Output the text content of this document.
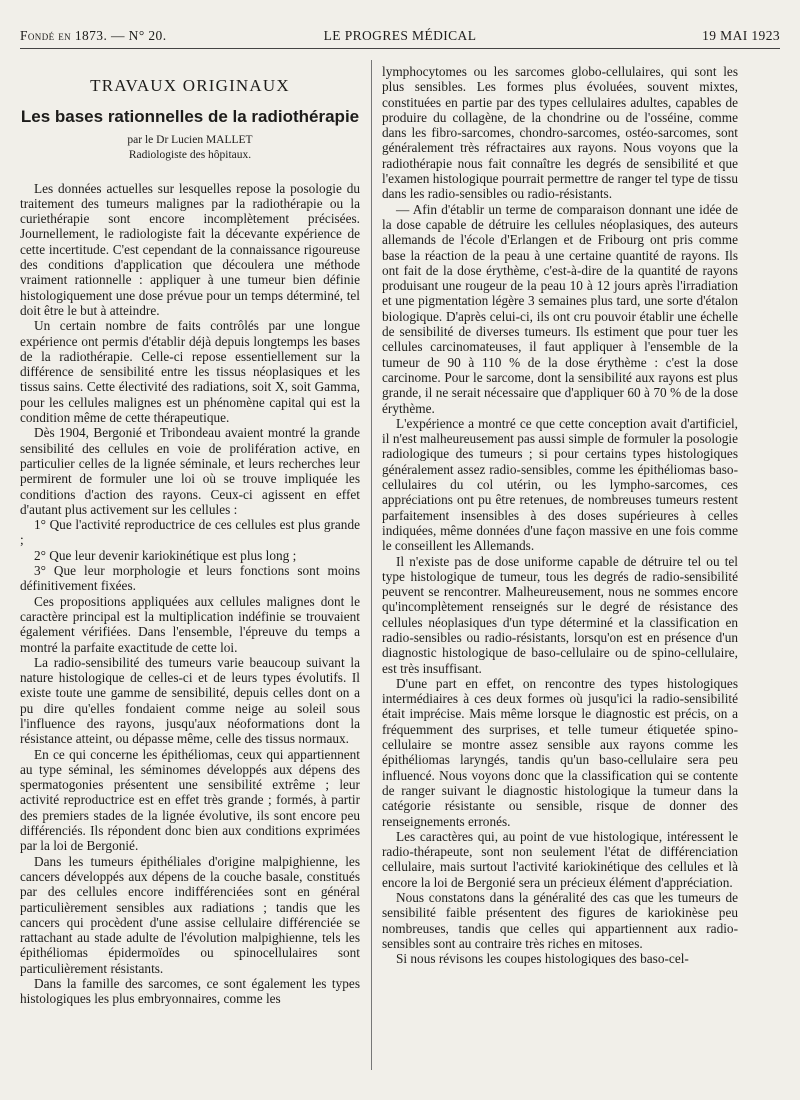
Fondé en 1873. — N° 20.	LE PROGRES MÉDICAL	19 MAI 1923
TRAVAUX ORIGINAUX
Les bases rationnelles de la radiothérapie
par le Dr Lucien MALLET
Radiologiste des hôpitaux.

Les données actuelles sur lesquelles repose la posologie du traitement des tumeurs malignes par la radiothérapie ou la curiethérapie sont encore incomplètement précisées. Journellement, le radiologiste fait la décevante expérience de cette incertitude. C'est cependant de la connaissance rigoureuse des conditions d'application que découlera une méthode vraiment rationnelle : appliquer à une tumeur bien définie histologiquement une dose prévue pour un temps déterminé, tel doit être le but à atteindre.

Un certain nombre de faits contrôlés par une longue expérience ont permis d'établir déjà depuis longtemps les bases de la radiothérapie. Celle-ci repose essentiellement sur la différence de sensibilité entre les tissus néoplasiques et les tissus sains. Cette électivité des radiations, soit X, soit Gamma, pour les cellules malignes est un phénomène capital qui est la condition même de cette thérapeutique.

Dès 1904, Bergonié et Tribondeau avaient montré la grande sensibilité des cellules en voie de prolifération active, en particulier celles de la lignée séminale, et leurs recherches leur permirent de formuler une loi où se trouve impliquée les conditions d'action des rayons. Ceux-ci agissent en effet d'autant plus activement sur les cellules :

1° Que l'activité reproductrice de ces cellules est plus grande ;

2° Que leur devenir kariokinétique est plus long ;

3° Que leur morphologie et leurs fonctions sont moins définitivement fixées.

Ces propositions appliquées aux cellules malignes dont le caractère principal est la multiplication indéfinie se trouvaient également vérifiées. Dans l'ensemble, l'épreuve du temps a montré la parfaite exactitude de cette loi.

La radio-sensibilité des tumeurs varie beaucoup suivant la nature histologique de celles-ci et de leurs types évolutifs. Il existe toute une gamme de sensibilité, depuis celles dont on a pu dire qu'elles fondaient comme neige au soleil sous l'influence des rayons, jusqu'aux néoformations dont la résistance atteint, ou dépasse même, celle des tissus normaux.

En ce qui concerne les épithéliomas, ceux qui appartiennent au type séminal, les séminomes développés aux dépens des spermatogonies présentent une sensibilité extrême ; leur activité reproductrice est en effet très grande ; formés, à partir des premiers stades de la lignée évolutive, ils sont encore peu différenciés. Ils répondent donc bien aux conditions exprimées par la loi de Bergonié.

Dans les tumeurs épithéliales d'origine malpighienne, les cancers développés aux dépens de la couche basale, constitués par des cellules encore indifférenciées sont en général particulièrement sensibles aux radiations ; tandis que les cancers qui procèdent d'une assise cellulaire différenciée se rattachant au stade adulte de l'évolution malpighienne, tels les épithéliomas épidermoïdes ou spinocellulaires sont particulièrement résistants.

Dans la famille des sarcomes, ce sont également les types histologiques les plus embryonnaires, comme les

lymphocytomes ou les sarcomes globo-cellulaires, qui sont les plus sensibles. Les formes plus évoluées, souvent mixtes, constituées en partie par des types cellulaires adultes, capables de produire du collagène, de la chondrine ou de l'osséine, comme dans les fibro-sarcomes, chondro-sarcomes, ostéo-sarcomes, sont généralement très réfractaires aux rayons. Nous voyons que la radiothérapie nous fait connaître les degrés de sensibilité et que l'examen histologique pourrait permettre de ranger tel type de tissu dans les radio-sensibles ou radio-résistants.

— Afin d'établir un terme de comparaison donnant une idée de la dose capable de détruire les cellules néoplasiques, des auteurs allemands de l'école d'Erlangen et de Fribourg ont pris comme base la réaction de la peau à une certaine quantité de rayons. Ils ont fait de la dose érythème, c'est-à-dire de la quantité de rayons produisant une rougeur de la peau 10 à 12 jours après l'irradiation et une pigmentation légère 3 semaines plus tard, une sorte d'étalon biologique. D'après celui-ci, ils ont cru pouvoir établir une échelle de sensibilité de diverses tumeurs. Ils estiment que pour tuer les cellules carcinomateuses, il faut appliquer à l'ensemble de la tumeur de 90 à 110 % de la dose érythème : c'est la dose carcinome. Pour le sarcome, dont la sensibilité aux rayons est plus grande, il ne serait nécessaire que d'appliquer 60 à 70 % de la dose érythème.

L'expérience a montré ce que cette conception avait d'artificiel, il n'est malheureusement pas aussi simple de formuler la posologie radiologique des tumeurs ; si pour certains types histologiques généralement assez radio-sensibles, comme les épithéliomas baso-cellulaires du col utérin, ou les lympho-sarcomes, ces appréciations ont pu être retenues, de nombreuses tumeurs restent parfaitement insensibles à des doses supérieures à celles indiquées, même données d'une façon massive en une fois comme le conseillent les Allemands.

Il n'existe pas de dose uniforme capable de détruire tel ou tel type histologique de tumeur, tous les degrés de radio-sensibilité peuvent se rencontrer. Malheureusement, nous ne sommes encore qu'incomplètement renseignés sur le degré de résistance des cellules néoplasiques d'un type déterminé et la classification en radio-sensibles ou radio-résistants, lorsqu'on est en présence d'un diagnostic histologique de baso-cellulaire ou de spino-cellulaire, est très insuffisant.

D'une part en effet, on rencontre des types histologiques intermédiaires à ces deux formes où jusqu'ici la radio-sensibilité était imprécise. Mais même lorsque le diagnostic est précis, on a fréquemment des surprises, et telle tumeur étiquetée spino-cellulaire se montre assez sensible aux rayons comme les épithéliomas laryngés, tandis qu'un baso-cellulaire sera peu influencé. Nous voyons donc que la classification qui se contente de ranger suivant le diagnostic histologique la tumeur dans la catégorie résistante ou sensible, risque de donner des renseignements erronés.

Les caractères qui, au point de vue histologique, intéressent le radio-thérapeute, sont non seulement l'état de différenciation cellulaire, mais surtout l'activité kariokinétique des cellules et là encore la loi de Bergonié sera un précieux élément d'appréciation.

Nous constatons dans la généralité des cas que les tumeurs de sensibilité faible présentent des figures de kariokinèse peu nombreuses, tandis que celles qui appartiennent aux radio-sensibles sont au contraire très riches en mitoses.

Si nous révisons les coupes histologiques des baso-cel-
